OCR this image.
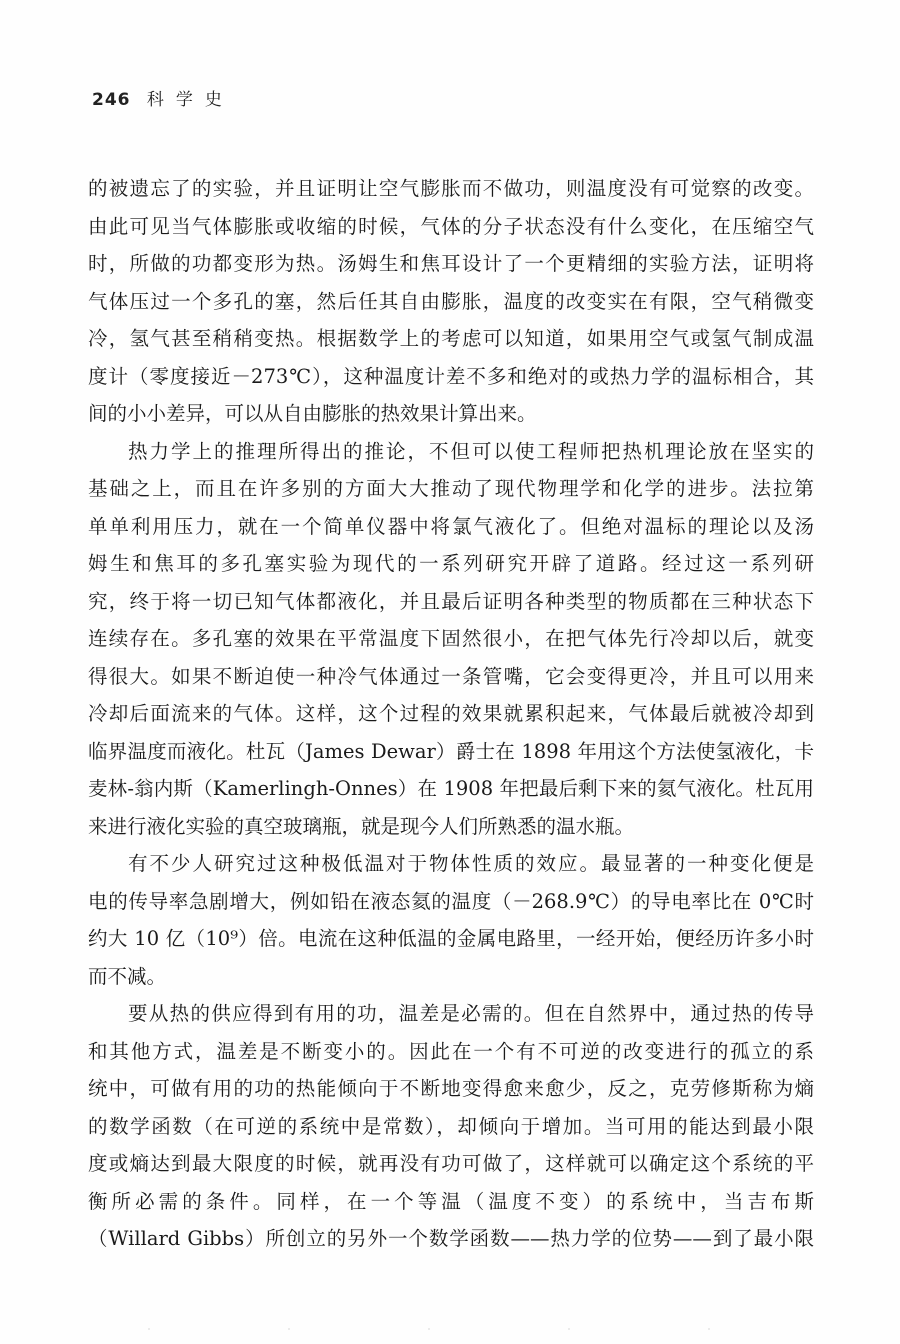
246 科学史
的被遗忘了的实验，并且证明让空气膨胀而不做功，则温度没有可觉察的改变。
由此可见当气体膨胀或收缩的时候，气体的分子状态没有什么变化，在压缩空气
时，所做的功都变形为热。汤姆生和焦耳设计了一个更精细的实验方法，证明将
气体压过一个多孔的塞，然后任其自由膨胀，温度的改变实在有限，空气稍微变
冷，氢气甚至稍稍变热。根据数学上的考虑可以知道，如果用空气或氢气制成温
度计（零度接近－273℃），这种温度计差不多和绝对的或热力学的温标相合，其
间的小小差异，可以从自由膨胀的热效果计算出来。
热力学上的推理所得出的推论，不但可以使工程师把热机理论放在坚实的
基础之上，而且在许多别的方面大大推动了现代物理学和化学的进步。法拉第
单单利用压力，就在一个简单仪器中将氯气液化了。但绝对温标的理论以及汤
姆生和焦耳的多孔塞实验为现代的一系列研究开辟了道路。经过这一系列研
究，终于将一切已知气体都液化，并且最后证明各种类型的物质都在三种状态下
连续存在。多孔塞的效果在平常温度下固然很小，在把气体先行冷却以后，就变
得很大。如果不断迫使一种冷气体通过一条管嘴，它会变得更冷，并且可以用来
冷却后面流来的气体。这样，这个过程的效果就累积起来，气体最后就被冷却到
临界温度而液化。杜瓦（James Dewar）爵士在 1898 年用这个方法使氢液化，卡
麦林-翁内斯（Kamerlingh-Onnes）在 1908 年把最后剩下来的氦气液化。杜瓦用
来进行液化实验的真空玻璃瓶，就是现今人们所熟悉的温水瓶。
有不少人研究过这种极低温对于物体性质的效应。最显著的一种变化便是
电的传导率急剧增大，例如铅在液态氦的温度（－268.9℃）的导电率比在 0℃时
约大 10 亿（10⁹）倍。电流在这种低温的金属电路里，一经开始，便经历许多小时
而不减。
要从热的供应得到有用的功，温差是必需的。但在自然界中，通过热的传导
和其他方式，温差是不断变小的。因此在一个有不可逆的改变进行的孤立的系
统中，可做有用的功的热能倾向于不断地变得愈来愈少，反之，克劳修斯称为熵
的数学函数（在可逆的系统中是常数），却倾向于增加。当可用的能达到最小限
度或熵达到最大限度的时候，就再没有功可做了，这样就可以确定这个系统的平
衡所必需的条件。同样，在一个等温（温度不变）的系统中，当吉布斯
（Willard Gibbs）所创立的另外一个数学函数——热力学的位势——到了最小限
